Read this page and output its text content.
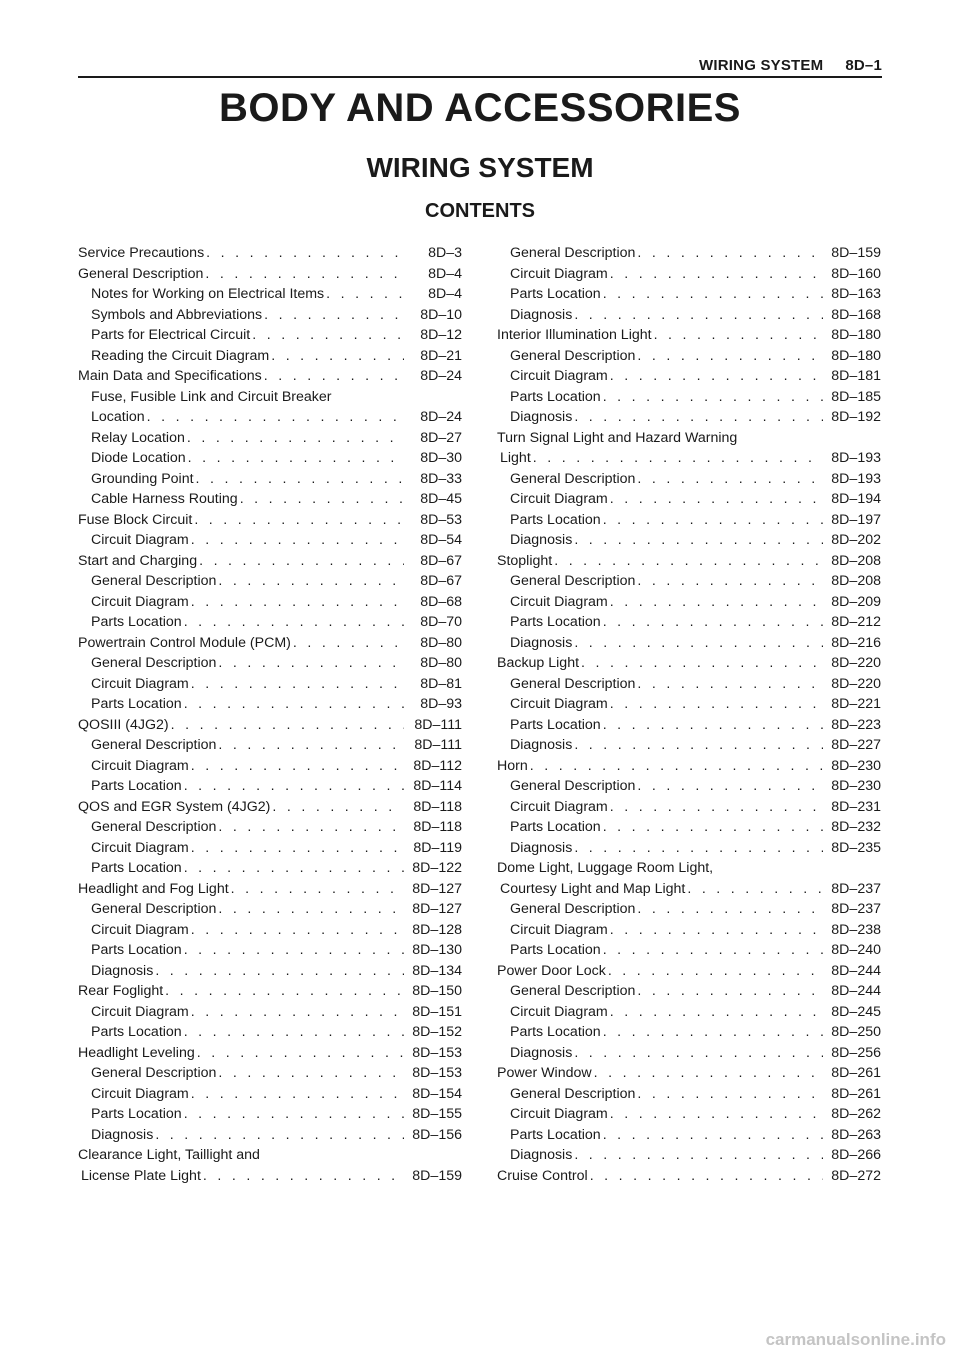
WIRING SYSTEM 8D–1
BODY AND ACCESSORIES
WIRING SYSTEM
CONTENTS
Service Precautions . . .	8D–3
General Description . . .	8D–4
Notes for Working on Electrical Items . . .	8D–4
Symbols and Abbreviations . . .	8D–10
Parts for Electrical Circuit . . .	8D–12
Reading the Circuit Diagram . . .	8D–21
Main Data and Specifications . . .	8D–24
Fuse, Fusible Link and Circuit Breaker
Location . . .	8D–24
Relay Location . . .	8D–27
Diode Location . . .	8D–30
Grounding Point . . .	8D–33
Cable Harness Routing . . .	8D–45
Fuse Block Circuit . . .	8D–53
Circuit Diagram . . .	8D–54
Start and Charging . . .	8D–67
General Description . . .	8D–67
Circuit Diagram . . .	8D–68
Parts Location . . .	8D–70
Powertrain Control Module (PCM) . . .	8D–80
General Description . . .	8D–80
Circuit Diagram . . .	8D–81
Parts Location . . .	8D–93
QOSIII (4JG2) . . .	8D–111
General Description . . .	8D–111
Circuit Diagram . . .	8D–112
Parts Location . . .	8D–114
QOS and EGR System (4JG2) . . .	8D–118
General Description . . .	8D–118
Circuit Diagram . . .	8D–119
Parts Location . . .	8D–122
Headlight and Fog Light . . .	8D–127
General Description . . .	8D–127
Circuit Diagram . . .	8D–128
Parts Location . . .	8D–130
Diagnosis . . .	8D–134
Rear Foglight . . .	8D–150
Circuit Diagram . . .	8D–151
Parts Location . . .	8D–152
Headlight Leveling . . .	8D–153
General Description . . .	8D–153
Circuit Diagram . . .	8D–154
Parts Location . . .	8D–155
Diagnosis . . .	8D–156
Clearance Light, Taillight and
License Plate Light . . .	8D–159
General Description . . .	8D–159
Circuit Diagram . . .	8D–160
Parts Location . . .	8D–163
Diagnosis . . .	8D–168
Interior Illumination Light . . .	8D–180
General Description . . .	8D–180
Circuit Diagram . . .	8D–181
Parts Location . . .	8D–185
Diagnosis . . .	8D–192
Turn Signal Light and Hazard Warning
Light . . .	8D–193
General Description . . .	8D–193
Circuit Diagram . . .	8D–194
Parts Location . . .	8D–197
Diagnosis . . .	8D–202
Stoplight . . .	8D–208
General Description . . .	8D–208
Circuit Diagram . . .	8D–209
Parts Location . . .	8D–212
Diagnosis . . .	8D–216
Backup Light . . .	8D–220
General Description . . .	8D–220
Circuit Diagram . . .	8D–221
Parts Location . . .	8D–223
Diagnosis . . .	8D–227
Horn . . .	8D–230
General Description . . .	8D–230
Circuit Diagram . . .	8D–231
Parts Location . . .	8D–232
Diagnosis . . .	8D–235
Dome Light, Luggage Room Light,
Courtesy Light and Map Light . . .	8D–237
General Description . . .	8D–237
Circuit Diagram . . .	8D–238
Parts Location . . .	8D–240
Power Door Lock . . .	8D–244
General Description . . .	8D–244
Circuit Diagram . . .	8D–245
Parts Location . . .	8D–250
Diagnosis . . .	8D–256
Power Window . . .	8D–261
General Description . . .	8D–261
Circuit Diagram . . .	8D–262
Parts Location . . .	8D–263
Diagnosis . . .	8D–266
Cruise Control . . .	8D–272
carmanualsonline.info
